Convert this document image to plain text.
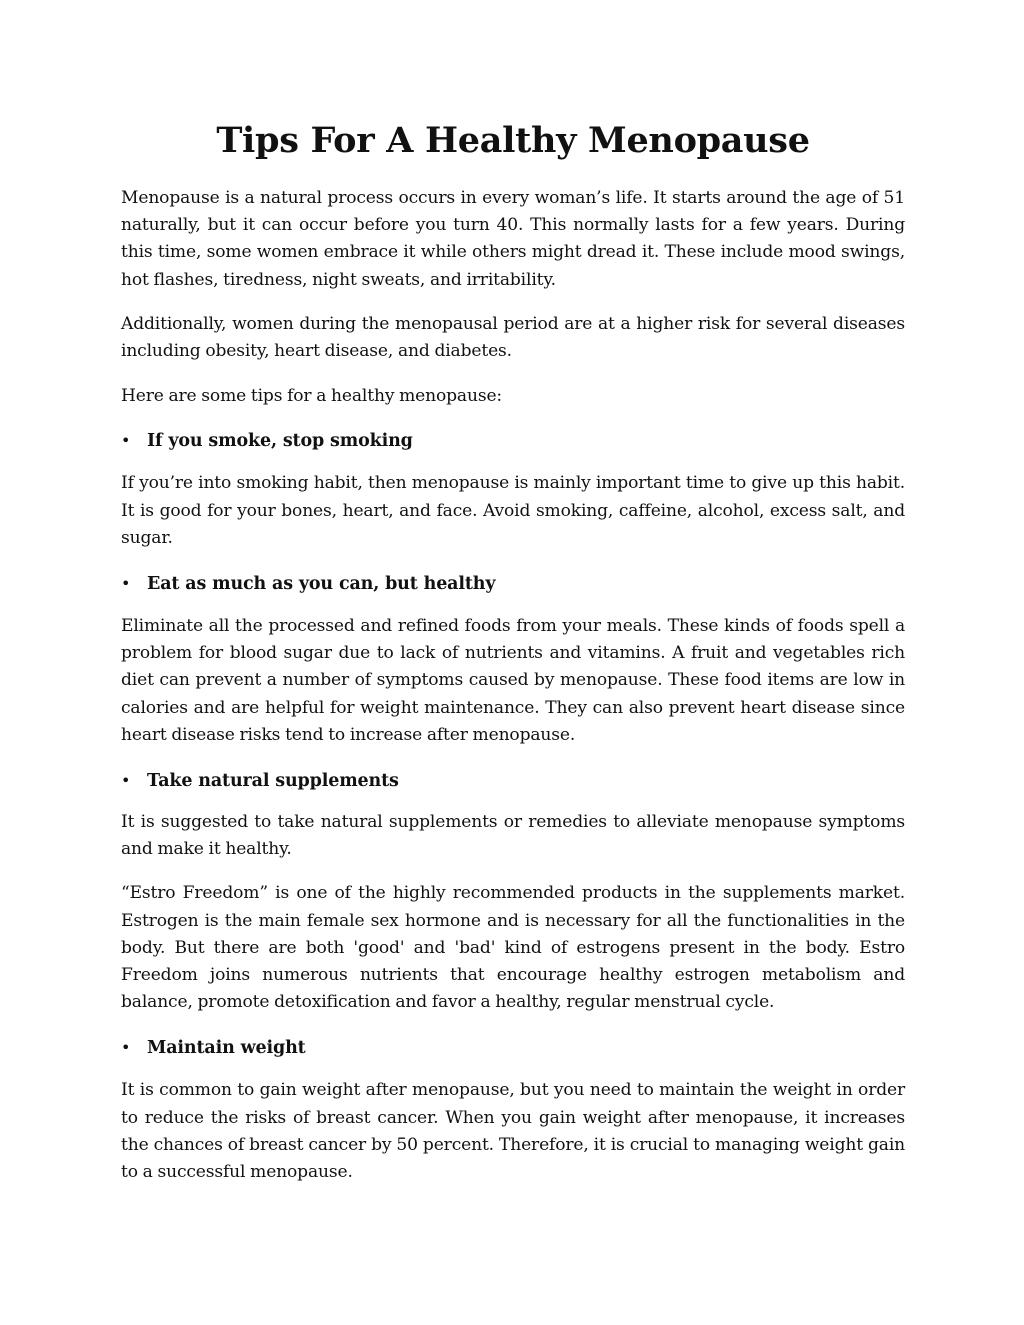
Tips For A Healthy Menopause

Menopause is a natural process occurs in every woman’s life. It starts around the age of 51 naturally, but it can occur before you turn 40. This normally lasts for a few years. During this time, some women embrace it while others might dread it. These include mood swings, hot flashes, tiredness, night sweats, and irritability.

Additionally, women during the menopausal period are at a higher risk for several diseases including obesity, heart disease, and diabetes.

Here are some tips for a healthy menopause:

• If you smoke, stop smoking

If you’re into smoking habit, then menopause is mainly important time to give up this habit. It is good for your bones, heart, and face. Avoid smoking, caffeine, alcohol, excess salt, and sugar.

• Eat as much as you can, but healthy

Eliminate all the processed and refined foods from your meals. These kinds of foods spell a problem for blood sugar due to lack of nutrients and vitamins. A fruit and vegetables rich diet can prevent a number of symptoms caused by menopause. These food items are low in calories and are helpful for weight maintenance. They can also prevent heart disease since heart disease risks tend to increase after menopause.

• Take natural supplements

It is suggested to take natural supplements or remedies to alleviate menopause symptoms and make it healthy.

“Estro Freedom” is one of the highly recommended products in the supplements market. Estrogen is the main female sex hormone and is necessary for all the functionalities in the body. But there are both 'good' and 'bad' kind of estrogens present in the body. Estro Freedom joins numerous nutrients that encourage healthy estrogen metabolism and balance, promote detoxification and favor a healthy, regular menstrual cycle.

• Maintain weight

It is common to gain weight after menopause, but you need to maintain the weight in order to reduce the risks of breast cancer. When you gain weight after menopause, it increases the chances of breast cancer by 50 percent. Therefore, it is crucial to managing weight gain to a successful menopause.
